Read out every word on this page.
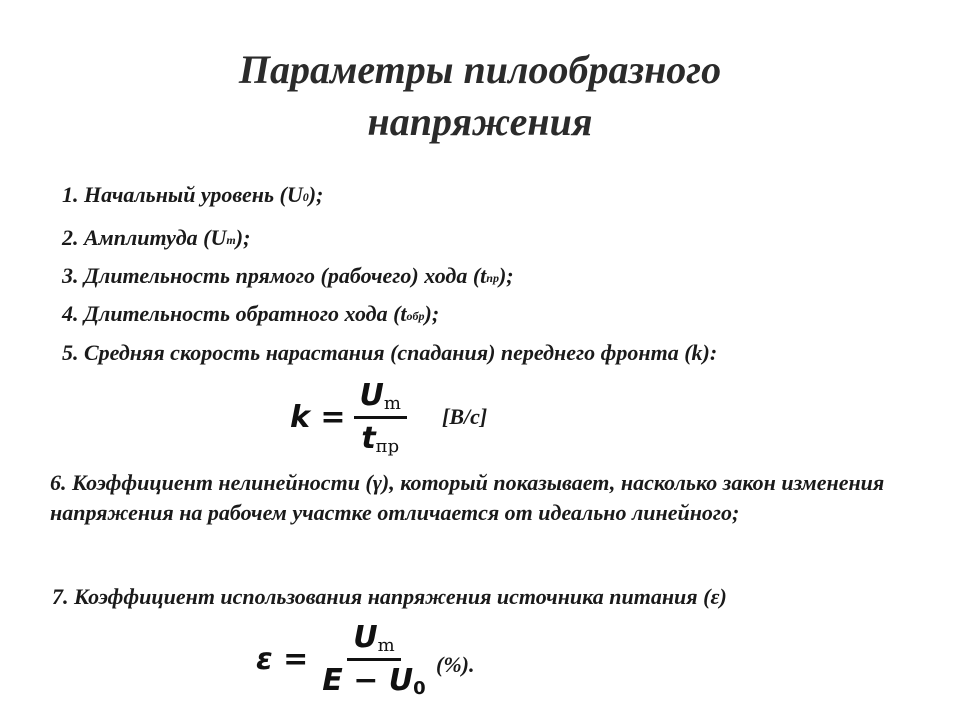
Параметры пилообразного
напряжения
1. Начальный уровень $(U_0)$;
2. Амплитуда $(U_m)$;
3. Длительность прямого (рабочего) хода $(t_{пр})$;
4. Длительность обратного хода $(t_{обр})$;
5. Средняя скорость нарастания (спадания) переднего фронта (k):
$k = \frac{U_m}{t_{пр}} [В/с]$
6. Коэффициент нелинейности (γ), который показывает, насколько закон изменения напряжения на рабочем участке отличается от идеально линейного;
7. Коэффициент использования напряжения источника питания (ε)
$\varepsilon = \frac{U_m}{E - U_0}$ (%).
